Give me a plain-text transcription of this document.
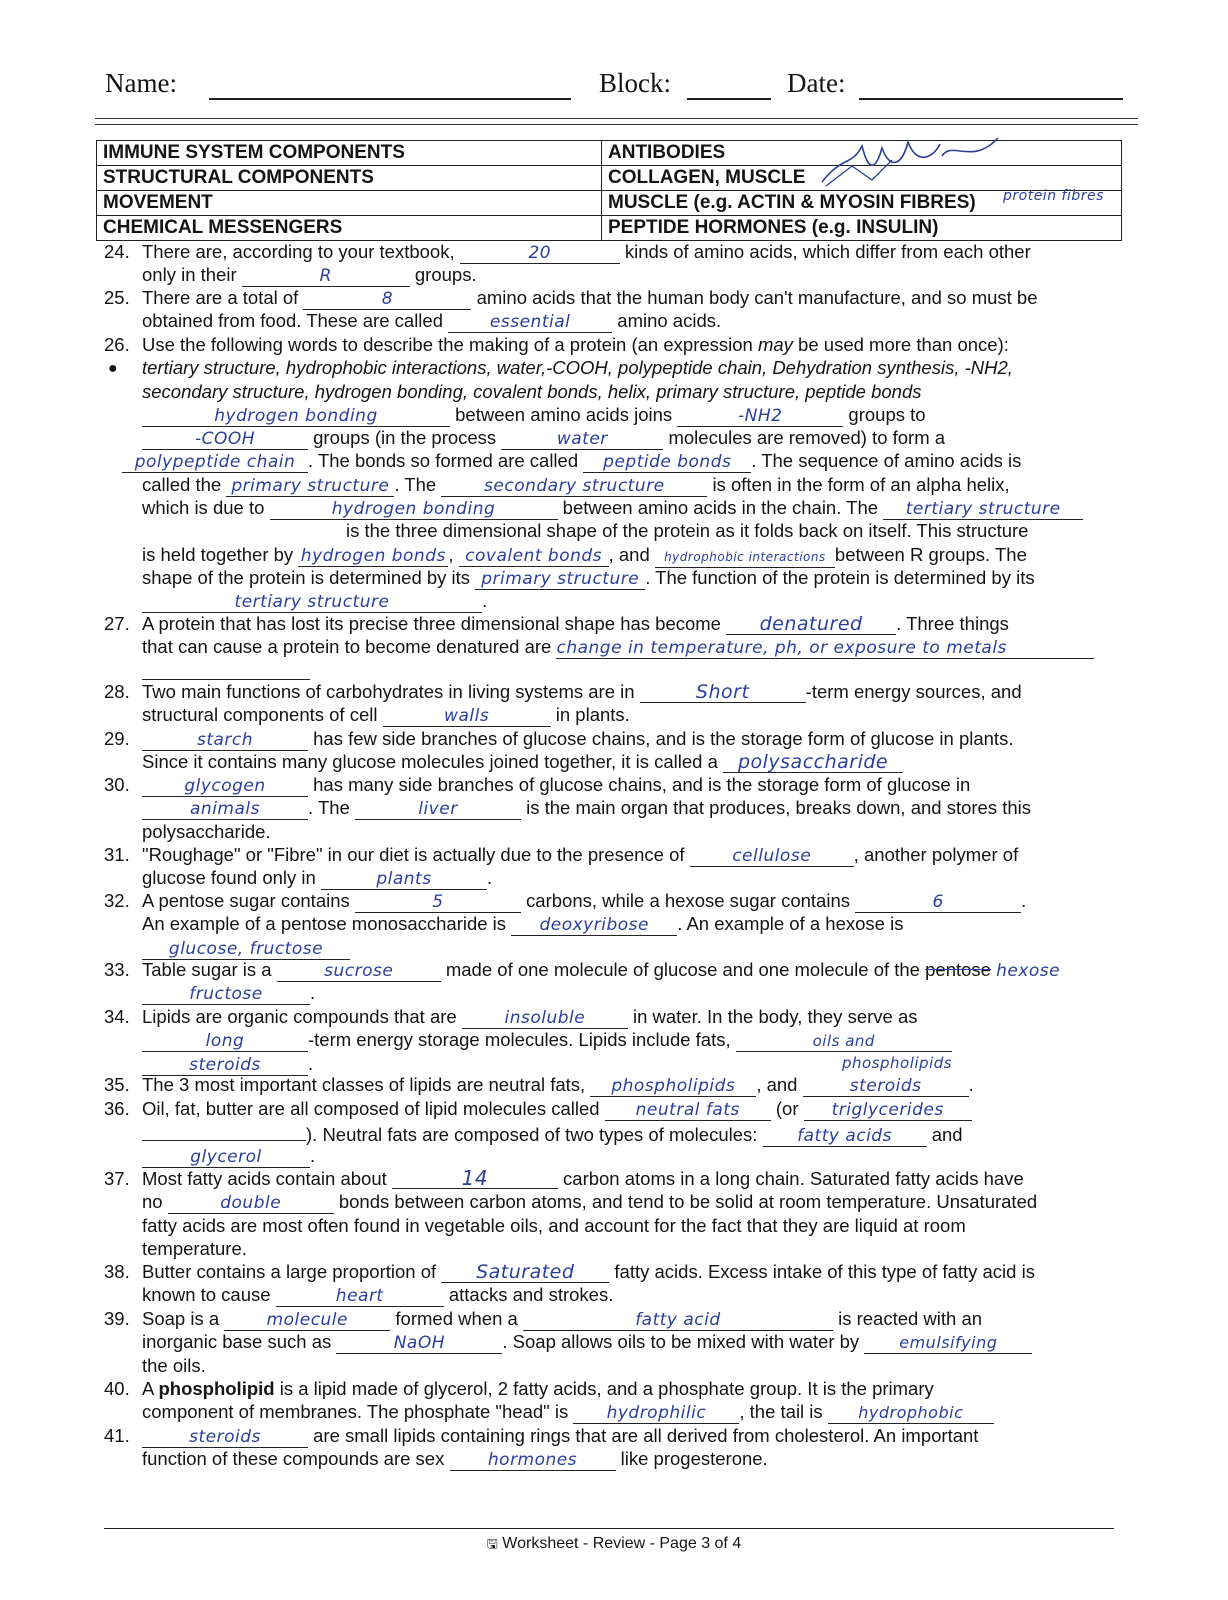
Name:	Block:	Date:
IMMUNE SYSTEM COMPONENTS	ANTIBODIES
STRUCTURAL COMPONENTS	COLLAGEN, MUSCLE
MOVEMENT	MUSCLE (e.g. ACTIN & MYOSIN FIBRES)
CHEMICAL MESSENGERS	PEPTIDE HORMONES (e.g. INSULIN)
protein fibres
24. There are, according to your textbook,	20	kinds of amino acids, which differ from each other
only in their	R	groups.
25. There are a total of	8	amino acids that the human body can't manufacture, and so must be
obtained from food. These are called	essential	amino acids.
26.
●
Use the following words to describe the making of a protein (an expression may be used more than once):
tertiary structure, hydrophobic interactions, water,-COOH, polypeptide chain, Dehydration synthesis, -NH2,
secondary structure, hydrogen bonding, covalent bonds, helix, primary structure, peptide bonds
hydrogen bonding	between amino acids joins	-NH2	groups to
-COOH	groups (in the process	water	molecules are removed) to form a
polypeptide chain . The bonds so formed are called peptide bonds . The sequence of amino acids is
called the primary structure . The	secondary structure	is often in the form of an alpha helix,
which is due to	hydrogen bonding	between amino acids in the chain. The tertiary structure
is the three dimensional shape of the protein as it folds back on itself. This structure
is held together by hydrogen bonds , covalent bonds , and hydrophobic interactions between R groups. The
shape of the protein is determined by its primary structure . The function of the protein is determined by its
tertiary structure	.
27. A protein that has lost its precise three dimensional shape has become denatured . Three things
that can cause a protein to become denatured are change in temperature, ph, or exposure to metals
28. Two main functions of carbohydrates in living systems are in	Short	-term energy sources, and
structural components of cell	walls	in plants.
29.	starch	has few side branches of glucose chains, and is the storage form of glucose in plants.
Since it contains many glucose molecules joined together, it is called a polysaccharide
30.	glycogen	has many side branches of glucose chains, and is the storage form of glucose in
animals	. The	liver	is the main organ that produces, breaks down, and stores this
polysaccharide.
31. "Roughage" or "Fibre" in our diet is actually due to the presence of	cellulose , another polymer of
glucose found only in	plants	.
32. A pentose sugar contains	5	carbons, while a hexose sugar contains	6	.
An example of a pentose monosaccharide is deoxyribose . An example of a hexose is
glucose, fructose
33. Table sugar is a	sucrose	made of one molecule of glucose and one molecule of the pentose hexose
fructose	.
34. Lipids are organic compounds that are	insoluble	in water. In the body, they serve as
long	-term energy storage molecules. Lipids include fats,	oils and
steroids	.	phospholipids
35. The 3 most important classes of lipids are neutral fats, phospholipids , and	steroids	.
36. Oil, fat, butter are all composed of lipid molecules called neutral fats (or triglycerides
). Neutral fats are composed of two types of molecules: fatty acids and
glycerol	.
37. Most fatty acids contain about	14	carbon atoms in a long chain. Saturated fatty acids have
no	double	bonds between carbon atoms, and tend to be solid at room temperature. Unsaturated
fatty acids are most often found in vegetable oils, and account for the fact that they are liquid at room
temperature.
38. Butter contains a large proportion of Saturated fatty acids. Excess intake of this type of fatty acid is
known to cause	heart	attacks and strokes.
39. Soap is a	molecule	formed when a	fatty acid	is reacted with an
inorganic base such as	NaOH	. Soap allows oils to be mixed with water by	emulsifying
the oils.
40. A phospholipid is a lipid made of glycerol, 2 fatty acids, and a phosphate group. It is the primary
component of membranes. The phosphate "head" is hydrophilic , the tail is hydrophobic
41.	steroids	are small lipids containing rings that are all derived from cholesterol. An important
function of these compounds are sex	hormones like progesterone.
🖫 Worksheet - Review - Page 3 of 4
